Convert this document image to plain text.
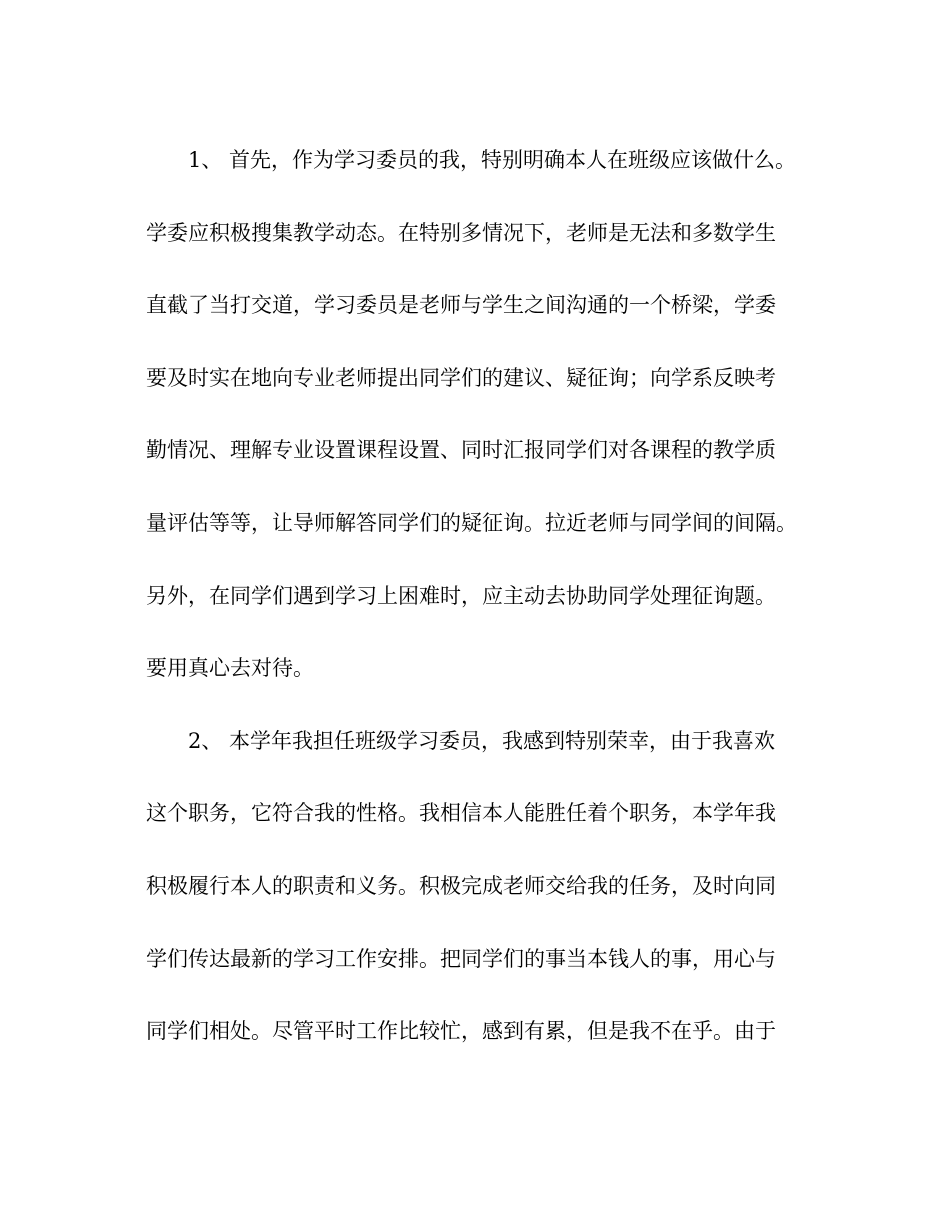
1、 首先，作为学习委员的我，特别明确本人在班级应该做什么。
学委应积极搜集教学动态。在特别多情况下，老师是无法和多数学生
直截了当打交道，学习委员是老师与学生之间沟通的一个桥梁，学委
要及时实在地向专业老师提出同学们的建议、疑征询；向学系反映考
勤情况、理解专业设置课程设置、同时汇报同学们对各课程的教学质
量评估等等，让导师解答同学们的疑征询。拉近老师与同学间的间隔。
另外，在同学们遇到学习上困难时，应主动去协助同学处理征询题。
要用真心去对待。
2、 本学年我担任班级学习委员，我感到特别荣幸，由于我喜欢
这个职务，它符合我的性格。我相信本人能胜任着个职务，本学年我
积极履行本人的职责和义务。积极完成老师交给我的任务，及时向同
学们传达最新的学习工作安排。把同学们的事当本钱人的事，用心与
同学们相处。尽管平时工作比较忙，感到有累，但是我不在乎。由于
